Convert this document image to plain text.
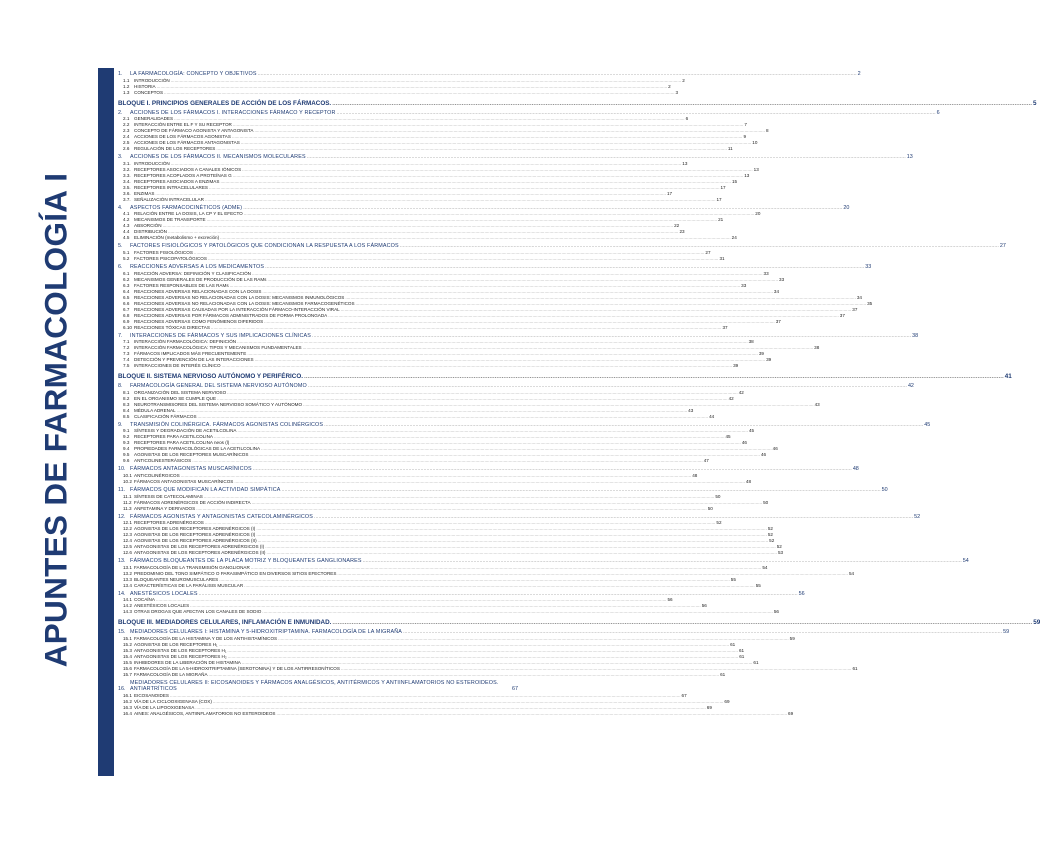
APUNTES DE FARMACOLOGÍA I
1.	LA FARMACOLOGÍA: CONCEPTO Y OBJETIVOS ................................................................................................................................................................................................................................................................................................................................................................................................................ 2
1.1	INTRODUCCIÓN ................................................................................................................................................................................................................................................................................................................................................................................................................ 2
1.2	HISTORIA ................................................................................................................................................................................................................................................................................................................................................................................................................ 2
1.3	CONCEPTOS ................................................................................................................................................................................................................................................................................................................................................................................................................ 3
BLOQUE I. PRINCIPIOS GENERALES DE ACCIÓN DE LOS FÁRMACOS. ................................................................................................................................................................................................................................................................................................................................................................................................................ 5
2.	ACCIONES DE LOS FÁRMACOS I. INTERACCIONES FÁRMACO Y RECEPTOR ................................................................................................................................................................................................................................................................................................................................................................................................................ 6
2.1	GENERALIDADES ................................................................................................................................................................................................................................................................................................................................................................................................................ 6
2.2	INTERACCIÓN ENTRE EL F Y SU RECEPTOR ................................................................................................................................................................................................................................................................................................................................................................................................................ 7
2.3	CONCEPTO DE FÁRMACO AGONISTA Y ANTAGONISTA ................................................................................................................................................................................................................................................................................................................................................................................................................ 8
2.4	ACCIONES DE LOS FÁRMACOS AGONISTAS ................................................................................................................................................................................................................................................................................................................................................................................................................ 9
2.5	ACCIONES DE LOS FÁRMACOS ANTAGONISTAS ................................................................................................................................................................................................................................................................................................................................................................................................................ 10
2.6	REGULACIÓN DE LOS RECEPTORES ................................................................................................................................................................................................................................................................................................................................................................................................................ 11
3.	ACCIONES DE LOS FÁRMACOS II. MECANISMOS MOLECULARES ................................................................................................................................................................................................................................................................................................................................................................................................................ 13
3.1. INTRODUCCIÓN ................................................................................................................................................................................................................................................................................................................................................................................................................ 13
3.2. RECEPTORES ASOCIADOS A CANALES IÓNICOS ................................................................................................................................................................................................................................................................................................................................................................................................................ 13
3.3. RECEPTORES ACOPLADOS A PROTEÍNAS G ................................................................................................................................................................................................................................................................................................................................................................................................................ 13
3.4. RECEPTORES ASOCIADOS A ENZIMAS ................................................................................................................................................................................................................................................................................................................................................................................................................ 15
3.5. RECEPTORES INTRACELULARES ................................................................................................................................................................................................................................................................................................................................................................................................................ 17
3.6. ENZIMAS ................................................................................................................................................................................................................................................................................................................................................................................................................ 17
3.7. SEÑALIZACIÓN INTRACELULAR ................................................................................................................................................................................................................................................................................................................................................................................................................ 17
4.	ASPECTOS FARMACOCINÉTICOS (ADME) ................................................................................................................................................................................................................................................................................................................................................................................................................ 20
4.1	RELACIÓN ENTRE LA DOSIS, LA CP Y EL EFECTO ................................................................................................................................................................................................................................................................................................................................................................................................................ 20
4.2	MECANISMOS DE TRANSPORTE ................................................................................................................................................................................................................................................................................................................................................................................................................ 21
4.3	ABSORCIÓN ................................................................................................................................................................................................................................................................................................................................................................................................................ 22
4.4	DISTRIBUCIÓN ................................................................................................................................................................................................................................................................................................................................................................................................................ 23
4.5	ELIMINACIÓN (metabolismo + excreción) ................................................................................................................................................................................................................................................................................................................................................................................................................ 24
5.	FACTORES FISIOLÓGICOS Y PATOLÓGICOS QUE CONDICIONAN LA RESPUESTA A LOS FÁRMACOS ................................................................................................................................................................................................................................................................................................................................................................................................................ 27
5.1	FACTORES FISIOLÓGICOS ................................................................................................................................................................................................................................................................................................................................................................................................................ 27
5.2	FACTORES PSICOPATOLÓGICOS ................................................................................................................................................................................................................................................................................................................................................................................................................ 31
6.	REACCIONES ADVERSAS A LOS MEDICAMENTOS ................................................................................................................................................................................................................................................................................................................................................................................................................ 33
6.1	REACCIÓN ADVERSA: DEFINICIÓN Y CLASIFICACIÓN ................................................................................................................................................................................................................................................................................................................................................................................................................ 33
6.2	MECANISMOS GENERALES DE PRODUCCIÓN DE LAS RAMs ................................................................................................................................................................................................................................................................................................................................................................................................................ 33
6.3	FACTORES RESPONSABLES DE LAS RAMs ................................................................................................................................................................................................................................................................................................................................................................................................................ 33
6.4	REACCIONES ADVERSAS RELACIONADAS CON LA DOSIS ................................................................................................................................................................................................................................................................................................................................................................................................................ 34
6.5	REACCIONES ADVERSAS NO RELACIONADAS CON LA DOSIS: MECANISMOS INMUNOLÓGICOS ................................................................................................................................................................................................................................................................................................................................................................................................................ 34
6.6	REACCIONES ADVERSAS NO RELACIONADAS CON LA DOSIS: MECANISMOS FARMACOGENÉTICOS ................................................................................................................................................................................................................................................................................................................................................................................................................ 35
6.7	REACCIONES ADVERSAS CAUSADAS POR LA INTERACCIÓN FÁRMACO-INTERACCIÓN VIRAL ................................................................................................................................................................................................................................................................................................................................................................................................................ 37
6.8	REACCIONES ADVERSAS POR FÁRMACOS ADMINISTRADOS DE FORMA PROLONGADA ................................................................................................................................................................................................................................................................................................................................................................................................................ 37
6.9	REACCIONES ADVERSAS COMO FENÓMENOS DIFERIDOS ................................................................................................................................................................................................................................................................................................................................................................................................................ 37
6.10 REACCIONES TÓXICAS DIRECTAS ................................................................................................................................................................................................................................................................................................................................................................................................................ 37
7.	INTERACCIONES DE FÁRMACOS Y SUS IMPLICACIONES CLÍNICAS ................................................................................................................................................................................................................................................................................................................................................................................................................ 38
7.1	INTERACCIÓN FARMACOLÓGICA: DEFINICIÓN ................................................................................................................................................................................................................................................................................................................................................................................................................ 38
7.2	INTERACCIÓN FARMACOLÓGICA: TIPOS Y MECANISMOS FUNDAMENTALES ................................................................................................................................................................................................................................................................................................................................................................................................................ 38
7.3	FÁRMACOS IMPLICADOS MÁS FRECUENTEMENTE ................................................................................................................................................................................................................................................................................................................................................................................................................ 39
7.4	DETECCIÓN Y PREVENCIÓN DE LAS INTERACCIONES ................................................................................................................................................................................................................................................................................................................................................................................................................ 39
7.5	INTERACCIONES DE INTERÉS CLÍNICO ................................................................................................................................................................................................................................................................................................................................................................................................................ 39
BLOQUE II. SISTEMA NERVIOSO AUTÓNOMO Y PERIFÉRICO. ................................................................................................................................................................................................................................................................................................................................................................................................................ 41
8.	FARMACOLOGÍA GENERAL DEL SISTEMA NERVIOSO AUTÓNOMO ................................................................................................................................................................................................................................................................................................................................................................................................................ 42
8.1	ORGANIZACIÓN DEL SISTEMA NERVIOSO ................................................................................................................................................................................................................................................................................................................................................................................................................ 42
8.2	EN EL ORGANISMO SE CUMPLE QUE ................................................................................................................................................................................................................................................................................................................................................................................................................ 42
8.3	NEUROTRANSMISORES DEL SISTEMA NERVIOSO SOMÁTICO Y AUTÓNOMO ................................................................................................................................................................................................................................................................................................................................................................................................................ 43
8.4	MÉDULA ADRENAL ................................................................................................................................................................................................................................................................................................................................................................................................................ 43
8.5	CLASIFICACIÓN FÁRMACOS ................................................................................................................................................................................................................................................................................................................................................................................................................ 44
9.	TRANSMISIÓN COLINÉRGICA. FÁRMACOS AGONISTAS COLINÉRGICOS ................................................................................................................................................................................................................................................................................................................................................................................................................ 45
9.1	SÍNTESIS Y DEGRADACIÓN DE ACETILCOLINA ................................................................................................................................................................................................................................................................................................................................................................................................................ 45
9.2	RECEPTORES PARA ACETILCOLINA ................................................................................................................................................................................................................................................................................................................................................................................................................ 45
9.3	RECEPTORES PARA ACETILCOLINA neos (l) ................................................................................................................................................................................................................................................................................................................................................................................................................ 46
9.4	PROPIEDADES FARMACOLÓGICAS DE LA ACETILCOLINA ................................................................................................................................................................................................................................................................................................................................................................................................................ 46
9.5	AGONISTAS DE LOS RECEPTORES MUSCARÍNICOS ................................................................................................................................................................................................................................................................................................................................................................................................................ 46
9.6	ANTICOLINESTERÁSICOS ................................................................................................................................................................................................................................................................................................................................................................................................................ 47
10. FÁRMACOS ANTAGONISTAS MUSCARÍNICOS ................................................................................................................................................................................................................................................................................................................................................................................................................ 48
10.1 ANTICOLINÉRGICOS ................................................................................................................................................................................................................................................................................................................................................................................................................ 48
10.2 FÁRMACOS ANTAGONISTAS MUSCARÍNICOS ................................................................................................................................................................................................................................................................................................................................................................................................................ 48
11. FÁRMACOS QUE MODIFICAN LA ACTIVIDAD SIMPÁTICA ................................................................................................................................................................................................................................................................................................................................................................................................................ 50
11.1 SÍNTESIS DE CATECOLAMINAS ................................................................................................................................................................................................................................................................................................................................................................................................................ 50
11.2 FÁRMACOS ADRENÉRGICOS DE ACCIÓN INDIRECTA ................................................................................................................................................................................................................................................................................................................................................................................................................ 50
11.3 ANFETAMINA Y DERIVADOS ................................................................................................................................................................................................................................................................................................................................................................................................................ 50
12. FÁRMACOS AGONISTAS Y ANTAGONISTAS CATECOLAMINÉRGICOS ................................................................................................................................................................................................................................................................................................................................................................................................................ 52
12.1 RECEPTORES ADRENÉRGICOS ................................................................................................................................................................................................................................................................................................................................................................................................................ 52
12.2 AGONISTAS DE LOS RECEPTORES ADRENÉRGICOS (I) ................................................................................................................................................................................................................................................................................................................................................................................................................ 52
12.3 AGONISTAS DE LOS RECEPTORES ADRENÉRGICOS (I) ................................................................................................................................................................................................................................................................................................................................................................................................................ 52
12.4 AGONISTAS DE LOS RECEPTORES ADRENÉRGICOS (II) ................................................................................................................................................................................................................................................................................................................................................................................................................ 52
12.5 ANTAGONISTAS DE LOS RECEPTORES ADRENÉRGICOS (I) ................................................................................................................................................................................................................................................................................................................................................................................................................ 52
12.6 ANTAGONISTAS DE LOS RECEPTORES ADRENÉRGICOS (II) ................................................................................................................................................................................................................................................................................................................................................................................................................ 53
13. FÁRMACOS BLOQUEANTES DE LA PLACA MOTRIZ Y BLOQUEANTES GANGLIONARES ................................................................................................................................................................................................................................................................................................................................................................................................................ 54
13.1 FARMACOLOGÍA DE LA TRANSMISIÓN GANGLIONAR ................................................................................................................................................................................................................................................................................................................................................................................................................ 54
13.2 PREDOMINIO DEL TONO SIMPÁTICO O PARASIMPÁTICO EN DIVERSOS SITIOS EFECTORES ................................................................................................................................................................................................................................................................................................................................................................................................................ 54
13.3 BLOQUEANTES NEUROMUSCULARES ................................................................................................................................................................................................................................................................................................................................................................................................................ 55
13.4 CARACTERÍSTICAS DE LA PARÁLISIS MUSCULAR ................................................................................................................................................................................................................................................................................................................................................................................................................ 55
14. ANESTÉSICOS LOCALES ................................................................................................................................................................................................................................................................................................................................................................................................................ 56
14.1 COCAÍNA ................................................................................................................................................................................................................................................................................................................................................................................................................ 56
14.2 ANESTÉSICOS LOCALES ................................................................................................................................................................................................................................................................................................................................................................................................................ 56
14.3 OTRAS DROGAS QUE AFECTAN LOS CANALES DE SODIO ................................................................................................................................................................................................................................................................................................................................................................................................................ 56
BLOQUE III. MEDIADORES CELULARES, INFLAMACIÓN E INMUNIDAD. ................................................................................................................................................................................................................................................................................................................................................................................................................ 59
15. MEDIADORES CELULARES I: HISTAMINA Y 5-HIDROXITRIPTAMINA. FARMACOLOGÍA DE LA MIGRAÑA ................................................................................................................................................................................................................................................................................................................................................................................................................ 59
15.1 FARMACOLOGÍA DE LA HISTAMINA Y DE LOS ANTIHISTAMÍNICOS ................................................................................................................................................................................................................................................................................................................................................................................................................ 59
15.2 AGONISTAS DE LOS RECEPTORES H₁ ................................................................................................................................................................................................................................................................................................................................................................................................................ 61
15.3 ANTAGONISTAS DE LOS RECEPTORES H₁ ................................................................................................................................................................................................................................................................................................................................................................................................................ 61
15.4 ANTAGONISTAS DE LOS RECEPTORES H₂ ................................................................................................................................................................................................................................................................................................................................................................................................................ 61
15.5 INHIBIDORES DE LA LIBERACIÓN DE HISTAMINA ................................................................................................................................................................................................................................................................................................................................................................................................................ 61
15.6 FARMACOLOGÍA DE LA 5-HIDROXITRIPTAMINA (SEROTONINA) Y DE LOS ANTIRRESONÍTICOS ................................................................................................................................................................................................................................................................................................................................................................................................................ 61
15.7 FARMACOLOGÍA DE LA MIGRAÑA ................................................................................................................................................................................................................................................................................................................................................................................................................ 61
16.
MEDIADORES CELULARES II: EICOSANOIDES Y FÁRMACOS ANALGÉSICOS, ANTITÉRMICOS Y ANTIINFLAMATORIOS NO ESTEROIDEOS. ANTIARTRÍTICOS	67
16.1 EICOSANOIDES ................................................................................................................................................................................................................................................................................................................................................................................................................ 67
16.2 VÍA DE LA CICLOOXIGENASA (COX) ................................................................................................................................................................................................................................................................................................................................................................................................................ 69
16.3 VÍA DE LA LIPOOXIGENASA ................................................................................................................................................................................................................................................................................................................................................................................................................ 69
16.4 AINES: ANALGÉSICOS, ANTIINFLAMATORIOS NO ESTEROIDEOS ................................................................................................................................................................................................................................................................................................................................................................................................................ 69
